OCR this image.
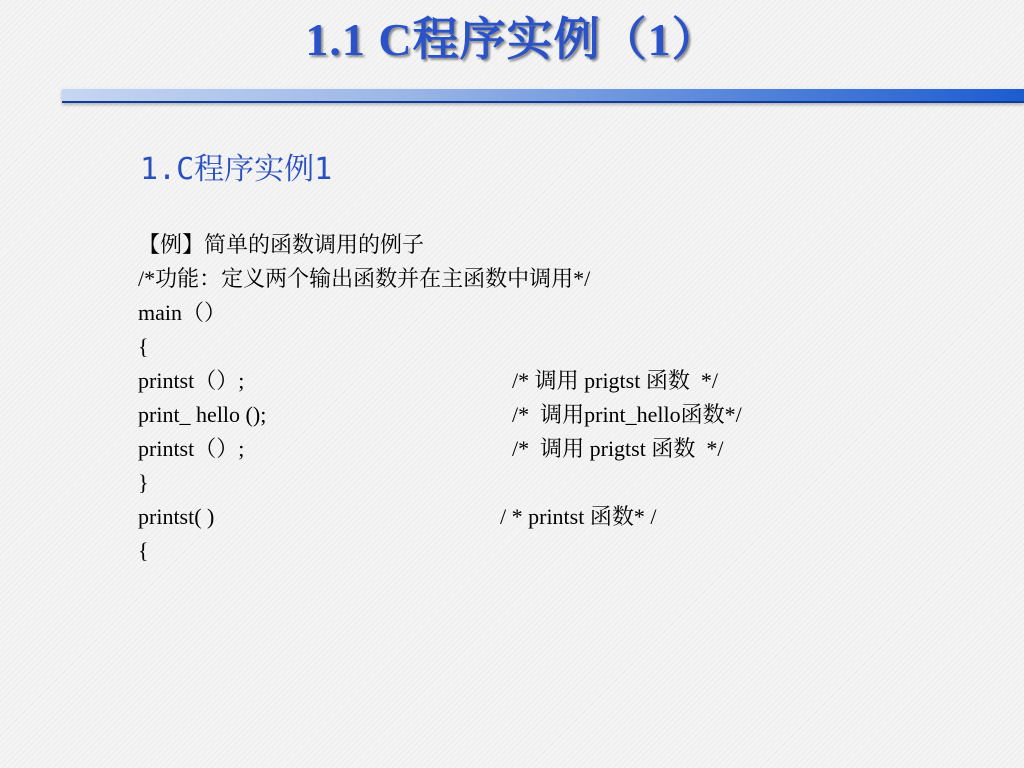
1.1 C程序实例（1）
1.C程序实例1
【例】简单的函数调用的例子

/*功能：定义两个输出函数并在主函数中调用*/

main（）

{

printst（）;

	/* 调用 prigtst 函数  */

print_ hello ();

	/*  调用print_hello函数*/

printst（）;

	/*  调用 prigtst 函数  */

}

printst( )

	/ * printst 函数* /

{
